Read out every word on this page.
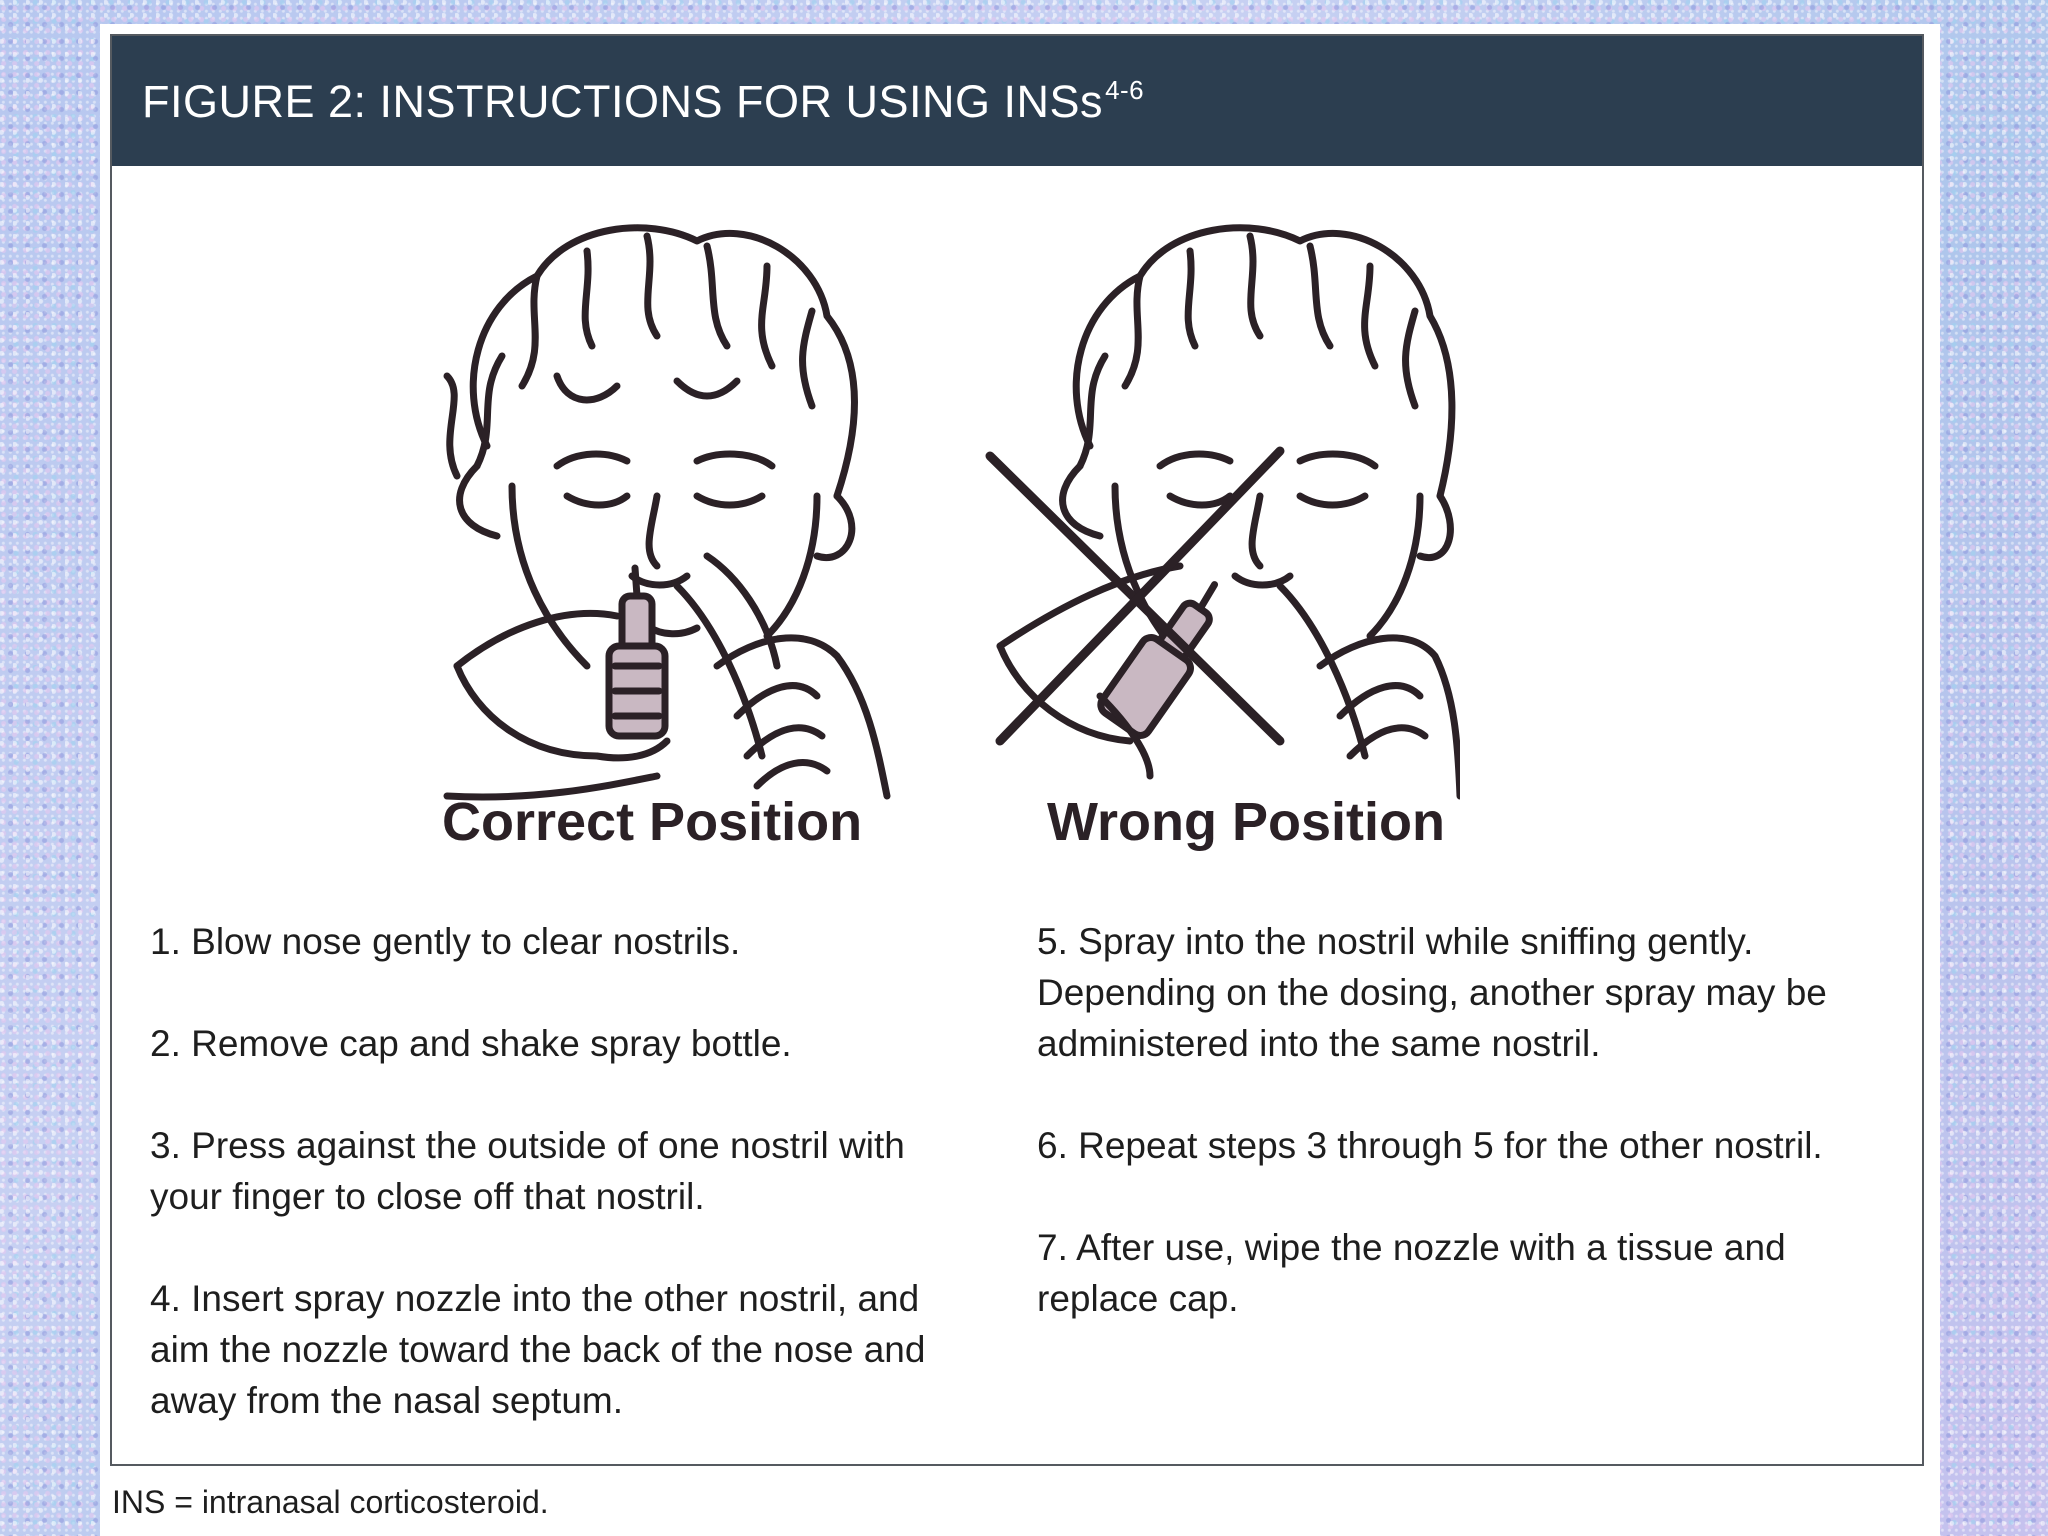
FIGURE 2: INSTRUCTIONS FOR USING INSs$^{4-6}$
Correct Position	Wrong Position

1. Blow nose gently to clear nostrils.

2. Remove cap and shake spray bottle.

3. Press against the outside of one nostril with your finger to close off that nostril.

4. Insert spray nozzle into the other nostril, and aim the nozzle toward the back of the nose and away from the nasal septum.

5. Spray into the nostril while sniffing gently. Depending on the dosing, another spray may be administered into the same nostril.

6. Repeat steps 3 through 5 for the other nostril.

7. After use, wipe the nozzle with a tissue and replace cap.

INS = intranasal corticosteroid.
